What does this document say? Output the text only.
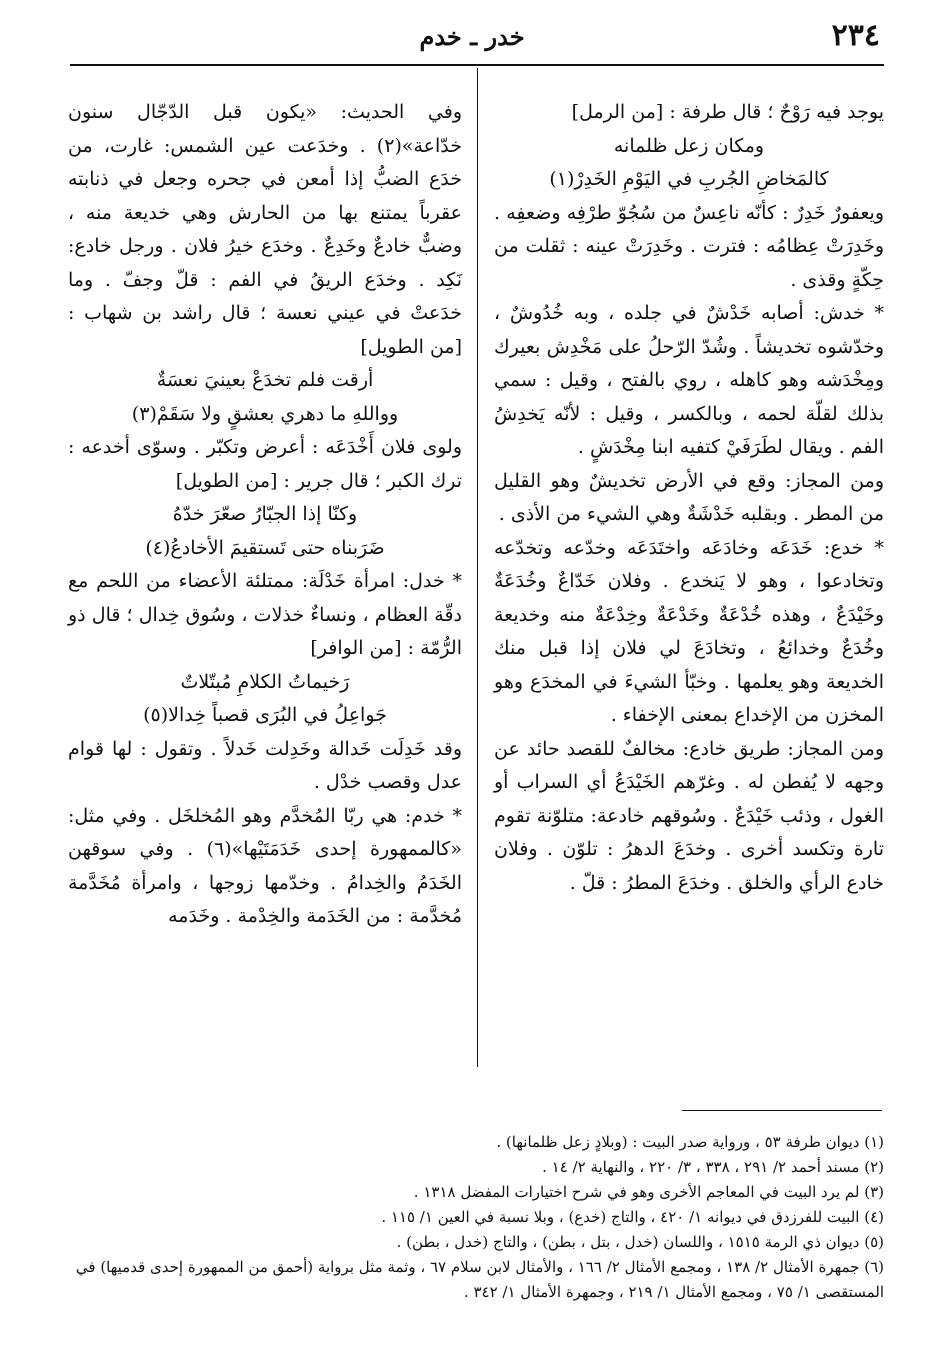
٢٣٤
خدر ـ خدم

يوجد فيه رَوْحٌ ؛ قال طرفة : [من الرمل]

ومكان زعل ظلمانه
كالمَخاضِ الجُربِ في اليَوْمِ الخَدِرْ(١)

ويعفورٌ خَدِرٌ : كأنّه ناعِسٌ من سُجُوّ طرْفِه وضعفِه . وخَدِرَتْ عِظامُه : فترت . وخَدِرَتْ عينه : ثقلت من حِكّةٍ وقذى .

* خدش: أصابه خَدْشٌ في جلده ، وبه خُدُوشٌ ، وخدّشوه تخديشاً . وشُدّ الرّحلُ على مَخْدِش بعيرك ومِخْدَشه وهو كاهله ، روي بالفتح ، وقيل : سمي بذلك لقلّة لحمه ، وبالكسر ، وقيل : لأنّه يَخدِشُ الفم . ويقال لطَرَفَيْ كتفيه ابنا مِخْدَشٍ .

ومن المجاز: وقع في الأرض تخديشٌ وهو القليل من المطر . وبقلبه خَدْشَةٌ وهي الشيء من الأذى .

* خدع: خَدَعَه وخادَعَه واختَدَعَه وخدّعه وتخدّعه وتخادعوا ، وهو لا يَنخدع . وفلان خَدّاعٌ وخُدَعَةٌ وخَيْدَعٌ ، وهذه خُدْعَةٌ وخَدْعَةٌ وخِدْعَةٌ منه وخديعة وخُدَعٌ وخدائعُ ، وتخادَعَ لي فلان إذا قبل منك الخديعة وهو يعلمها . وخبّأ الشيءَ في المخدَع وهو المخزن من الإخداع بمعنى الإخفاء .

ومن المجاز: طريق خادع: مخالفٌ للقصد حائد عن وجهه لا يُفطن له . وغرّهم الخَيْدَعُ أي السراب أو الغول ، وذئب خَيْدَعٌ . وسُوقهم خادعة: متلوّنة تقوم تارة وتكسد أخرى . وخدَعَ الدهرُ : تلوّن . وفلان خادع الرأي والخلق . وخدَعَ المطرُ : قلّ .

وفي الحديث: «يكون قبل الدّجّال سنون خدّاعة»(٢) . وخدَعت عين الشمس: غارت، من خدَع الضبُّ إذا أمعن في جحره وجعل في ذنابته عقرباً يمتنع بها من الحارش وهي خديعة منه ، وضبٌّ خادعٌ وخَدِعٌ . وخدَع خيرُ فلان . ورجل خادع: نَكِد . وخدَع الريقُ في الفم : قلّ وجفّ . وما خدَعتْ في عيني نعسة ؛ قال راشد بن شهاب : [من الطويل]

أرقت فلم تخدَعْ بعينيَ نعسَةٌ
وواللهِ ما دهري بعشقٍ ولا سَقَمْ(٣)

ولوى فلان أَخْدَعَه : أعرض وتكبّر . وسوّى أخدعه : ترك الكبر ؛ قال جرير : [من الطويل]

وكنّا إذا الجبّارُ صعّرَ خدّهُ
ضَرَبناه حتى تَستقيمَ الأخادعُ(٤)

* خدل: امرأة خَدْلَة: ممتلئة الأعضاء من اللحم مع دقّة العظام ، ونساءٌ خذلات ، وسُوق خِدال ؛ قال ذو الرُّمّة : [من الوافر]

رَخيماتُ الكلامِ مُبتّلاتٌ
جَواعِلُ في البُرَى قصباً خِدالا(٥)

وقد خَدِلَت خَدالة وخَدِلت خَدلاً . وتقول : لها قوام عدل وقصب خدْل .

* خدم: هي ربّا المُخدَّم وهو المُخلخَل . وفي مثل: «كالممهورة إحدى خَدَمَتَيْها»(٦) . وفي سوقهن الخَدَمُ والخِدامُ . وخدّمها زوجها ، وامرأة مُخَدَّمة مُخدَّمة : من الخَدَمة والخِدْمة . وخَدَمه

(١) ديوان طرفة ٥٣ ، ورواية صدر البيت : (وبلادٍ زعل ظلمانها) .

(٢) مسند أحمد ٢/ ٢٩١ ، ٣٣٨ ، ٣/ ٢٢٠ ، والنهاية ٢/ ١٤ .

(٣) لم يرد البيت في المعاجم الأخرى وهو في شرح اختيارات المفضل ١٣١٨ .

(٤) البيت للفرزدق في ديوانه ١/ ٤٢٠ ، والتاج (خدع) ، وبلا نسبة في العين ١/ ١١٥ .

(٥) ديوان ذي الرمة ١٥١٥ ، واللسان (خدل ، بتل ، بطن) ، والتاج (خدل ، بطن) .

(٦) جمهرة الأمثال ٢/ ١٣٨ ، ومجمع الأمثال ٢/ ١٦٦ ، والأمثال لابن سلام ٦٧ ، وثمة مثل برواية (أحمق من الممهورة إحدى قدميها) في المستقصى ١/ ٧٥ ، ومجمع الأمثال ١/ ٢١٩ ، وجمهرة الأمثال ١/ ٣٤٢ .
